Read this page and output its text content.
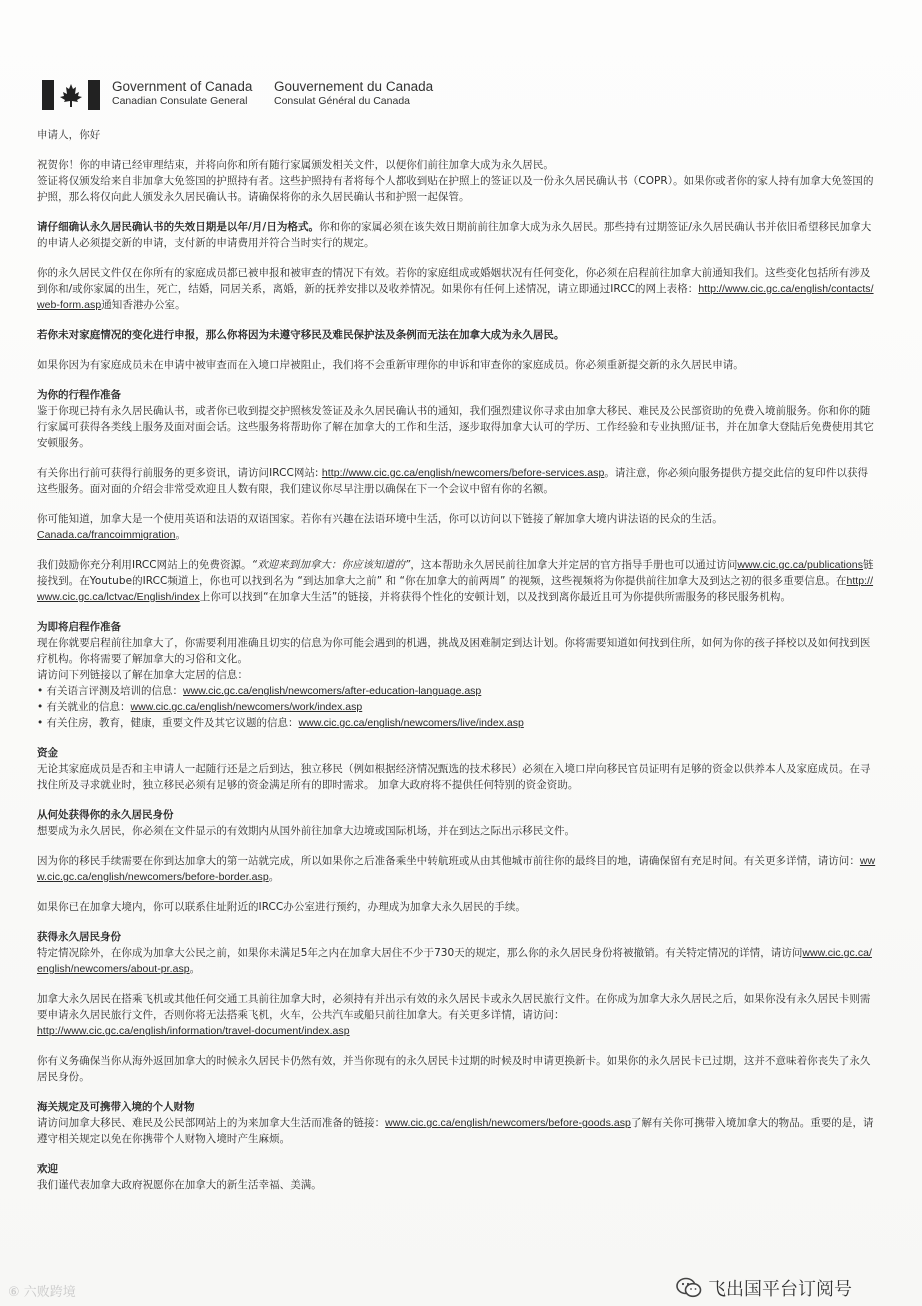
Government of Canada
Canadian Consulate General
Gouvernement du Canada
Consulat Général du Canada

申请人，你好

祝贺你！你的申请已经审理结束，并将向你和所有随行家属颁发相关文件，以便你们前往加拿大成为永久居民。

签证将仅颁发给来自非加拿大免签国的护照持有者。这些护照持有者将每个人都收到贴在护照上的签证以及一份永久居民确认书（COPR）。如果你或者你的家人持有加拿大免签国的护照，那么将仅向此人颁发永久居民确认书。请确保将你的永久居民确认书和护照一起保管。

请仔细确认永久居民确认书的失效日期是以年/月/日为格式。你和你的家属必须在该失效日期前前往加拿大成为永久居民。那些持有过期签证/永久居民确认书并依旧希望移民加拿大的申请人必须提交新的申请，支付新的申请费用并符合当时实行的规定。

你的永久居民文件仅在你所有的家庭成员都已被申报和被审查的情况下有效。若你的家庭组成或婚姻状况有任何变化，你必须在启程前往加拿大前通知我们。这些变化包括所有涉及到你和/或你家属的出生，死亡，结婚，同居关系，离婚，新的抚养安排以及收养情况。如果你有任何上述情况，请立即通过IRCC的网上表格：http://www.cic.gc.ca/english/contacts/web-form.asp通知香港办公室。

若你未对家庭情况的变化进行申报，那么你将因为未遵守移民及难民保护法及条例而无法在加拿大成为永久居民。

如果你因为有家庭成员未在申请中被审查而在入境口岸被阻止，我们将不会重新审理你的申诉和审查你的家庭成员。你必须重新提交新的永久居民申请。

为你的行程作准备

鉴于你现已持有永久居民确认书，或者你已收到提交护照核发签证及永久居民确认书的通知，我们强烈建议你寻求由加拿大移民、难民及公民部资助的免费入境前服务。你和你的随行家属可获得各类线上服务及面对面会话。这些服务将帮助你了解在加拿大的工作和生活，逐步取得加拿大认可的学历、工作经验和专业执照/证书，并在加拿大登陆后免费使用其它安顿服务。

有关你出行前可获得行前服务的更多资讯，请访问IRCC网站: http://www.cic.gc.ca/english/newcomers/before-services.asp。请注意，你必须向服务提供方提交此信的复印件以获得这些服务。面对面的介绍会非常受欢迎且人数有限，我们建议你尽早注册以确保在下一个会议中留有你的名额。

你可能知道，加拿大是一个使用英语和法语的双语国家。若你有兴趣在法语环境中生活，你可以访问以下链接了解加拿大境内讲法语的民众的生活。
Canada.ca/francoimmigration。

我们鼓励你充分利用IRCC网站上的免费资源。“欢迎来到加拿大：你应该知道的”，这本帮助永久居民前往加拿大并定居的官方指导手册也可以通过访问www.cic.gc.ca/publications链接找到。在Youtube的IRCC频道上，你也可以找到名为 “到达加拿大之前” 和 “你在加拿大的前两周” 的视频，这些视频将为你提供前往加拿大及到达之初的很多重要信息。在http://www.cic.gc.ca/lctvac/English/index上你可以找到“在加拿大生活”的链接，并将获得个性化的安顿计划，以及找到离你最近且可为你提供所需服务的移民服务机构。

为即将启程作准备

现在你就要启程前往加拿大了，你需要利用准确且切实的信息为你可能会遇到的机遇，挑战及困难制定到达计划。你将需要知道如何找到住所，如何为你的孩子择校以及如何找到医疗机构。你将需要了解加拿大的习俗和文化。

请访问下列链接以了解在加拿大定居的信息：

• 有关语言评测及培训的信息：www.cic.gc.ca/english/newcomers/after-education-language.asp
• 有关就业的信息：www.cic.gc.ca/english/newcomers/work/index.asp
• 有关住房，教育，健康，重要文件及其它议题的信息：www.cic.gc.ca/english/newcomers/live/index.asp

资金

无论其家庭成员是否和主申请人一起随行还是之后到达，独立移民（例如根据经济情况甄选的技术移民）必须在入境口岸向移民官员证明有足够的资金以供养本人及家庭成员。在寻找住所及寻求就业时，独立移民必须有足够的资金满足所有的即时需求。 加拿大政府将不提供任何特别的资金资助。

从何处获得你的永久居民身份

想要成为永久居民，你必须在文件显示的有效期内从国外前往加拿大边境或国际机场，并在到达之际出示移民文件。

因为你的移民手续需要在你到达加拿大的第一站就完成，所以如果你之后准备乘坐中转航班或从由其他城市前往你的最终目的地，请确保留有充足时间。有关更多详情，请访问：www.cic.gc.ca/english/newcomers/before-border.asp。

如果你已在加拿大境内，你可以联系住址附近的IRCC办公室进行预约，办理成为加拿大永久居民的手续。

获得永久居民身份

特定情况除外，在你成为加拿大公民之前，如果你未满足5年之内在加拿大居住不少于730天的规定，那么你的永久居民身份将被撤销。有关特定情况的详情，请访问www.cic.gc.ca/english/newcomers/about-pr.asp。

加拿大永久居民在搭乘飞机或其他任何交通工具前往加拿大时，必须持有并出示有效的永久居民卡或永久居民旅行文件。在你成为加拿大永久居民之后，如果你没有永久居民卡则需要申请永久居民旅行文件，否则你将无法搭乘飞机，火车，公共汽车或船只前往加拿大。有关更多详情，请访问：
http://www.cic.gc.ca/english/information/travel-document/index.asp

你有义务确保当你从海外返回加拿大的时候永久居民卡仍然有效，并当你现有的永久居民卡过期的时候及时申请更换新卡。如果你的永久居民卡已过期，这并不意味着你丧失了永久居民身份。

海关规定及可携带入境的个人财物

请访问加拿大移民、难民及公民部网站上的为来加拿大生活而准备的链接：www.cic.gc.ca/english/newcomers/before-goods.asp了解有关你可携带入境加拿大的物品。重要的是，请遵守相关规定以免在你携带个人财物入境时产生麻烦。

欢迎

我们谨代表加拿大政府祝愿你在加拿大的新生活幸福、美满。

⑥ 六败跨境	飞出国平台订阅号
